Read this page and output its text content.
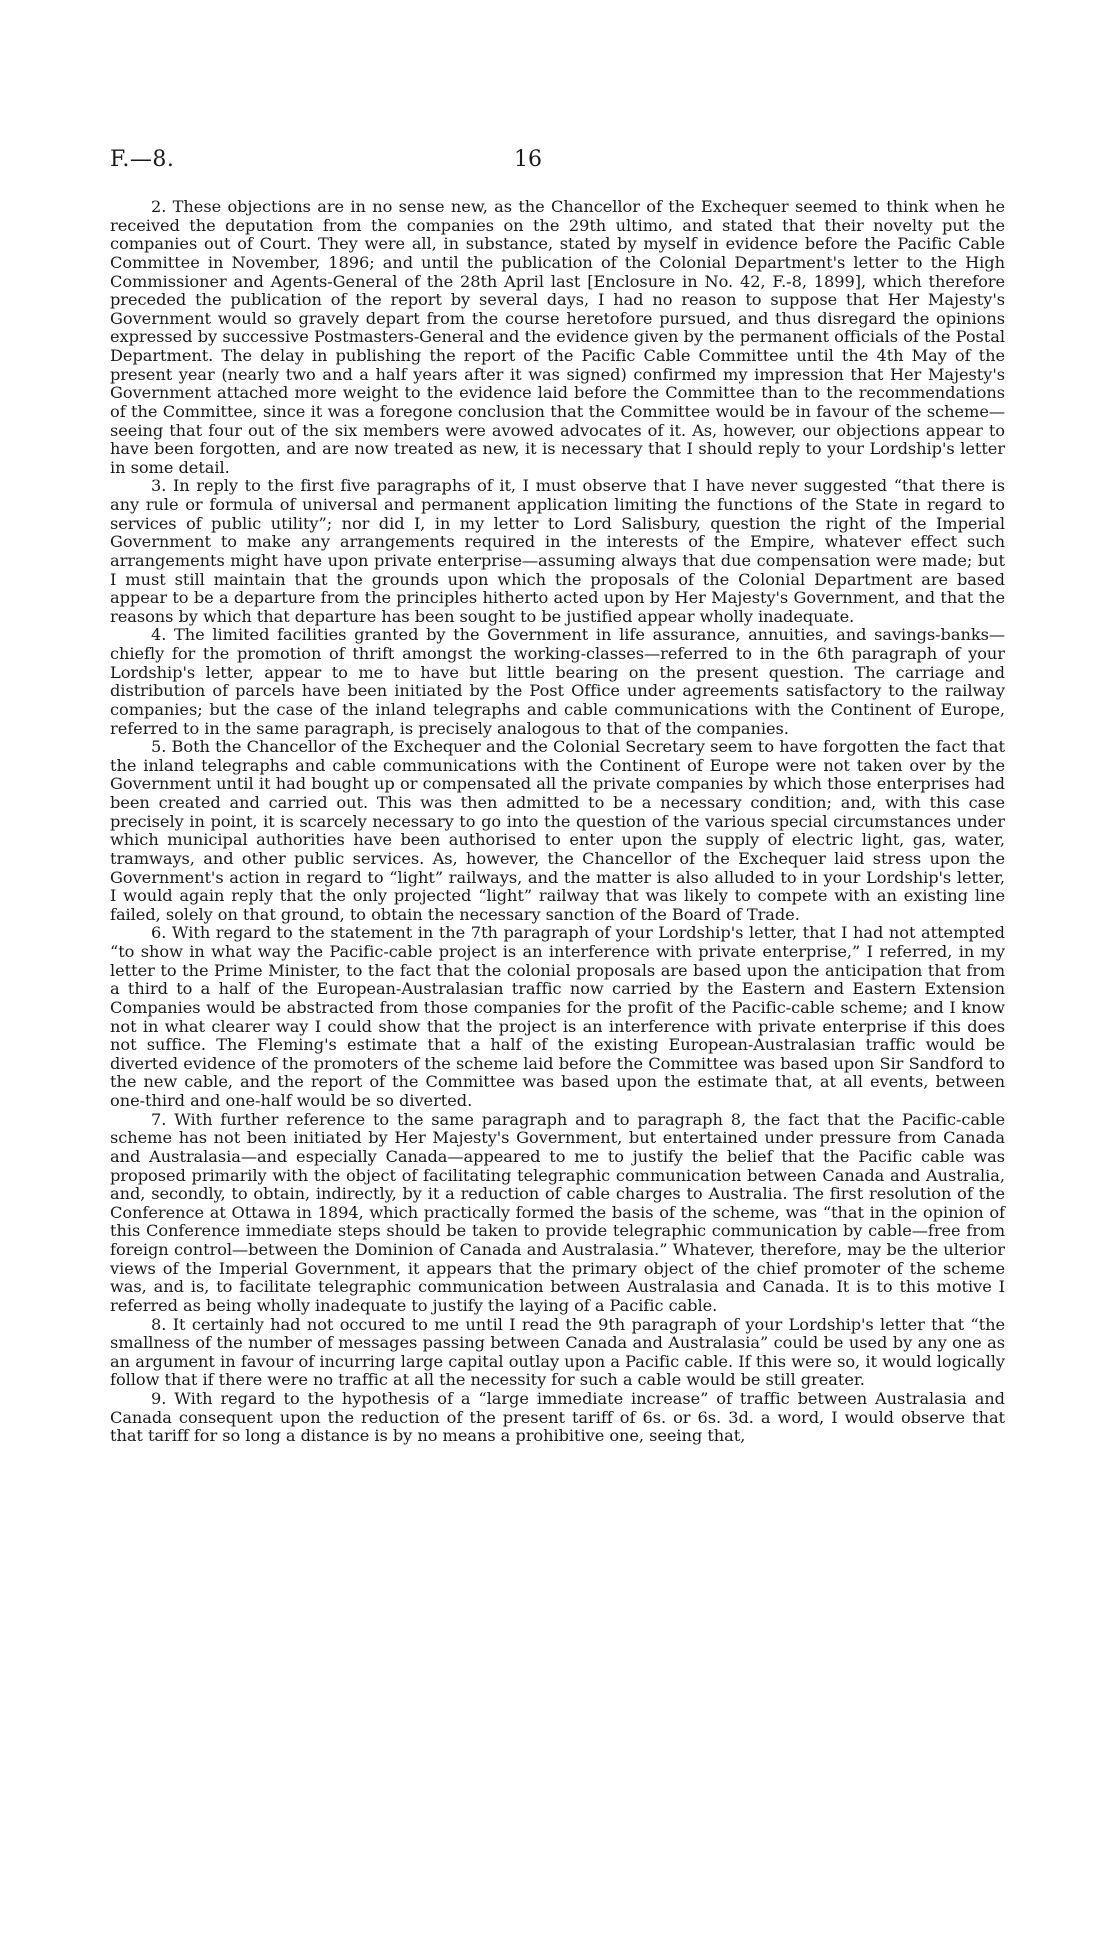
F.—8.	16

2. These objections are in no sense new, as the Chancellor of the Exchequer seemed to think when he received the deputation from the companies on the 29th ultimo, and stated that their novelty put the companies out of Court. They were all, in substance, stated by myself in evidence before the Pacific Cable Committee in November, 1896; and until the publication of the Colonial Department's letter to the High Commissioner and Agents-General of the 28th April last [Enclosure in No. 42, F.-8, 1899], which therefore preceded the publication of the report by several days, I had no reason to suppose that Her Majesty's Government would so gravely depart from the course heretofore pursued, and thus disregard the opinions expressed by successive Postmasters-General and the evidence given by the permanent officials of the Postal Department. The delay in publishing the report of the Pacific Cable Committee until the 4th May of the present year (nearly two and a half years after it was signed) confirmed my impression that Her Majesty's Government attached more weight to the evidence laid before the Committee than to the recommendations of the Committee, since it was a foregone conclusion that the Committee would be in favour of the scheme—seeing that four out of the six members were avowed advocates of it. As, however, our objections appear to have been forgotten, and are now treated as new, it is necessary that I should reply to your Lordship's letter in some detail.

3. In reply to the first five paragraphs of it, I must observe that I have never suggested “that there is any rule or formula of universal and permanent application limiting the functions of the State in regard to services of public utility”; nor did I, in my letter to Lord Salisbury, question the right of the Imperial Government to make any arrangements required in the interests of the Empire, whatever effect such arrangements might have upon private enterprise—assuming always that due compensation were made; but I must still maintain that the grounds upon which the proposals of the Colonial Department are based appear to be a departure from the principles hitherto acted upon by Her Majesty's Government, and that the reasons by which that departure has been sought to be justified appear wholly inadequate.

4. The limited facilities granted by the Government in life assurance, annuities, and savings-banks—chiefly for the promotion of thrift amongst the working-classes—referred to in the 6th paragraph of your Lordship's letter, appear to me to have but little bearing on the present question. The carriage and distribution of parcels have been initiated by the Post Office under agreements satisfactory to the railway companies; but the case of the inland telegraphs and cable communications with the Continent of Europe, referred to in the same paragraph, is precisely analogous to that of the companies.

5. Both the Chancellor of the Exchequer and the Colonial Secretary seem to have forgotten the fact that the inland telegraphs and cable communications with the Continent of Europe were not taken over by the Government until it had bought up or compensated all the private companies by which those enterprises had been created and carried out. This was then admitted to be a necessary condition; and, with this case precisely in point, it is scarcely necessary to go into the question of the various special circumstances under which municipal authorities have been authorised to enter upon the supply of electric light, gas, water, tramways, and other public services. As, however, the Chancellor of the Exchequer laid stress upon the Government's action in regard to “light” railways, and the matter is also alluded to in your Lordship's letter, I would again reply that the only projected “light” railway that was likely to compete with an existing line failed, solely on that ground, to obtain the necessary sanction of the Board of Trade.

6. With regard to the statement in the 7th paragraph of your Lordship's letter, that I had not attempted “to show in what way the Pacific-cable project is an interference with private enterprise,” I referred, in my letter to the Prime Minister, to the fact that the colonial proposals are based upon the anticipation that from a third to a half of the European-Australasian traffic now carried by the Eastern and Eastern Extension Companies would be abstracted from those companies for the profit of the Pacific-cable scheme; and I know not in what clearer way I could show that the project is an interference with private enterprise if this does not suffice. The Fleming's estimate that a half of the existing European-Australasian traffic would be diverted evidence of the promoters of the scheme laid before the Committee was based upon Sir Sandford to the new cable, and the report of the Committee was based upon the estimate that, at all events, between one-third and one-half would be so diverted.

7. With further reference to the same paragraph and to paragraph 8, the fact that the Pacific-cable scheme has not been initiated by Her Majesty's Government, but entertained under pressure from Canada and Australasia—and especially Canada—appeared to me to justify the belief that the Pacific cable was proposed primarily with the object of facilitating telegraphic communication between Canada and Australia, and, secondly, to obtain, indirectly, by it a reduction of cable charges to Australia. The first resolution of the Conference at Ottawa in 1894, which practically formed the basis of the scheme, was “that in the opinion of this Conference immediate steps should be taken to provide telegraphic communication by cable—free from foreign control—between the Dominion of Canada and Australasia.” Whatever, therefore, may be the ulterior views of the Imperial Government, it appears that the primary object of the chief promoter of the scheme was, and is, to facilitate telegraphic communication between Australasia and Canada. It is to this motive I referred as being wholly inadequate to justify the laying of a Pacific cable.

8. It certainly had not occured to me until I read the 9th paragraph of your Lordship's letter that “the smallness of the number of messages passing between Canada and Australasia” could be used by any one as an argument in favour of incurring large capital outlay upon a Pacific cable. If this were so, it would logically follow that if there were no traffic at all the necessity for such a cable would be still greater.

9. With regard to the hypothesis of a “large immediate increase” of traffic between Australasia and Canada consequent upon the reduction of the present tariff of 6s. or 6s. 3d. a word, I would observe that that tariff for so long a distance is by no means a prohibitive one, seeing that,
